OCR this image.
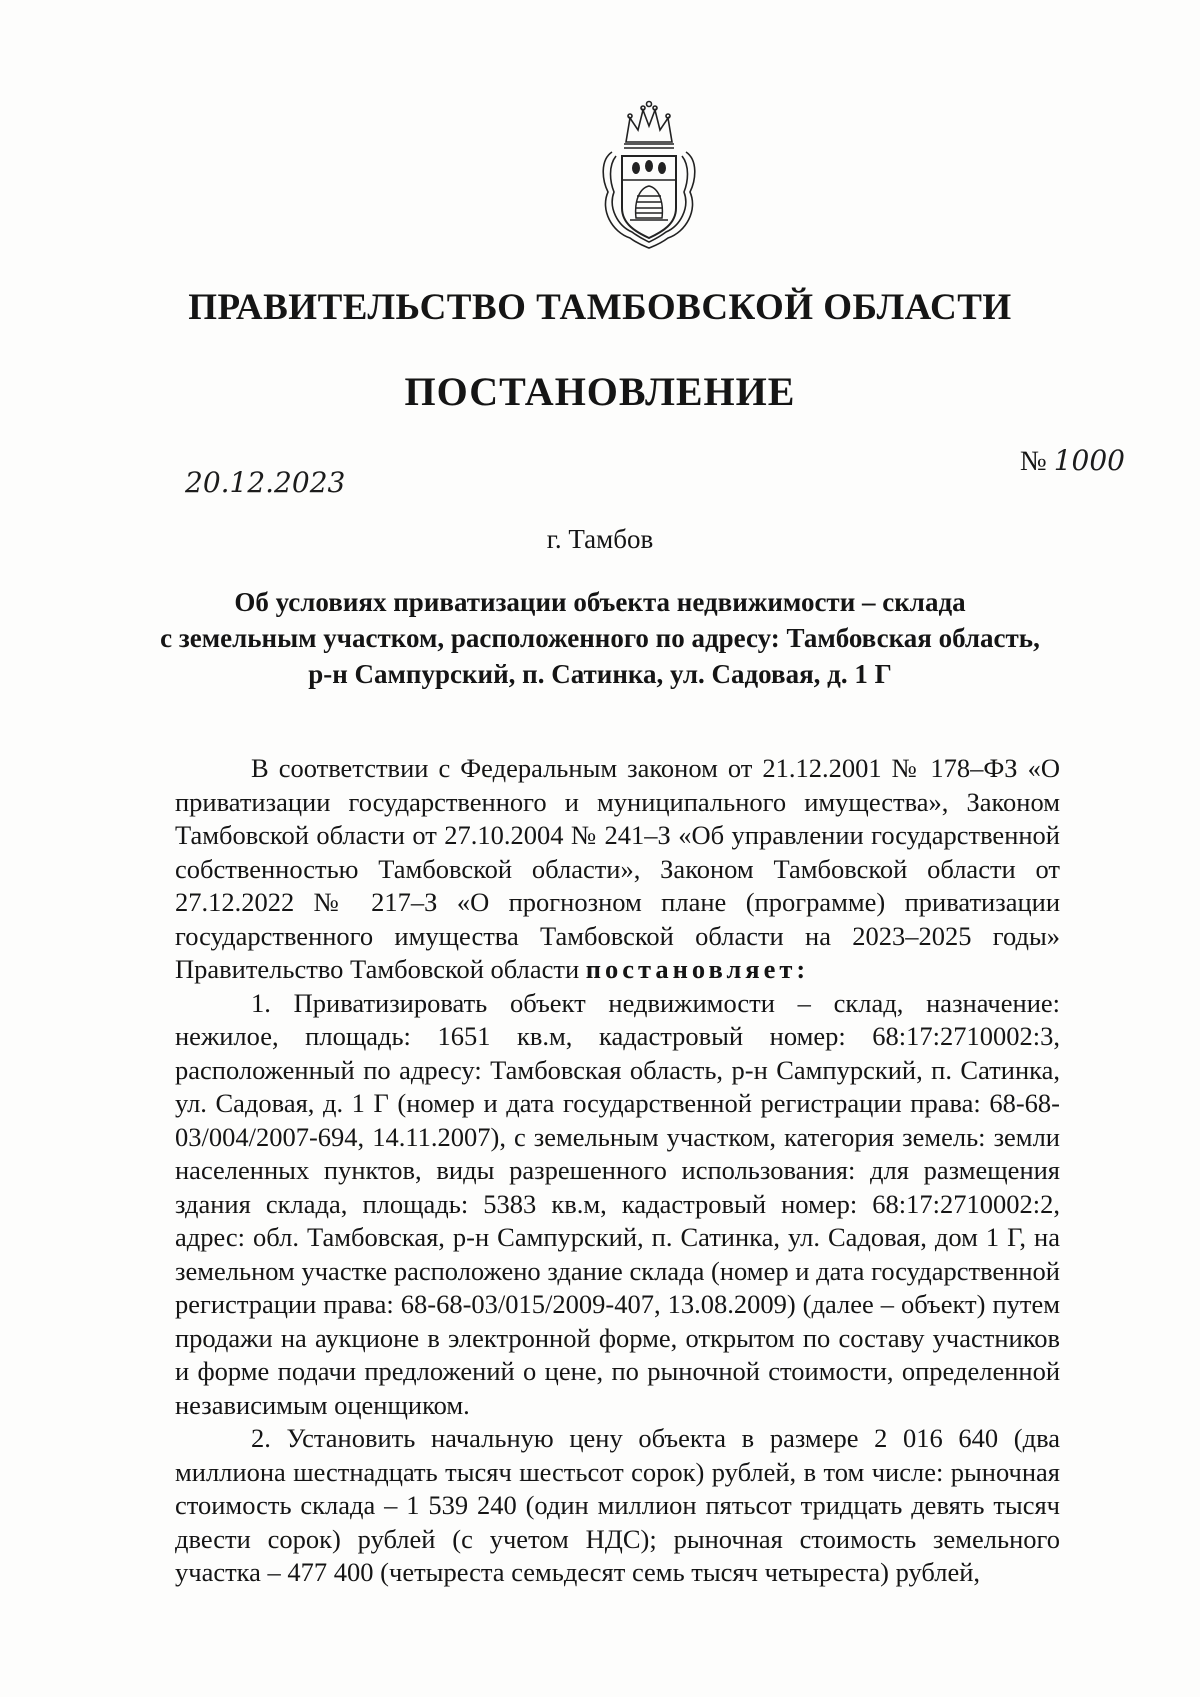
ПРАВИТЕЛЬСТВО ТАМБОВСКОЙ ОБЛАСТИ
ПОСТАНОВЛЕНИЕ
20.12.2023
№ 1000
г. Тамбов
Об условиях приватизации объекта недвижимости – склада
с земельным участком, расположенного по адресу: Тамбовская область,
р-н Сампурский, п. Сатинка, ул. Садовая, д. 1 Г

В соответствии с Федеральным законом от 21.12.2001 № 178–ФЗ «О приватизации государственного и муниципального имущества», Законом Тамбовской области от 27.10.2004 № 241–З «Об управлении государственной собственностью Тамбовской области», Законом Тамбовской области от 27.12.2022 № 217–З «О прогнозном плане (программе) приватизации государственного имущества Тамбовской области на 2023–2025 годы» Правительство Тамбовской области постановляет:

1. Приватизировать объект недвижимости – склад, назначение: нежилое, площадь: 1651 кв.м, кадастровый номер: 68:17:2710002:3, расположенный по адресу: Тамбовская область, р-н Сампурский, п. Сатинка, ул. Садовая, д. 1 Г (номер и дата государственной регистрации права: 68-68-03/004/2007-694, 14.11.2007), с земельным участком, категория земель: земли населенных пунктов, виды разрешенного использования: для размещения здания склада, площадь: 5383 кв.м, кадастровый номер: 68:17:2710002:2, адрес: обл. Тамбовская, р-н Сампурский, п. Сатинка, ул. Садовая, дом 1 Г, на земельном участке расположено здание склада (номер и дата государственной регистрации права: 68-68-03/015/2009-407, 13.08.2009) (далее – объект) путем продажи на аукционе в электронной форме, открытом по составу участников и форме подачи предложений о цене, по рыночной стоимости, определенной независимым оценщиком.

2. Установить начальную цену объекта в размере 2 016 640 (два миллиона шестнадцать тысяч шестьсот сорок) рублей, в том числе: рыночная стоимость склада – 1 539 240 (один миллион пятьсот тридцать девять тысяч двести сорок) рублей (с учетом НДС); рыночная стоимость земельного участка – 477 400 (четыреста семьдесят семь тысяч четыреста) рублей,
